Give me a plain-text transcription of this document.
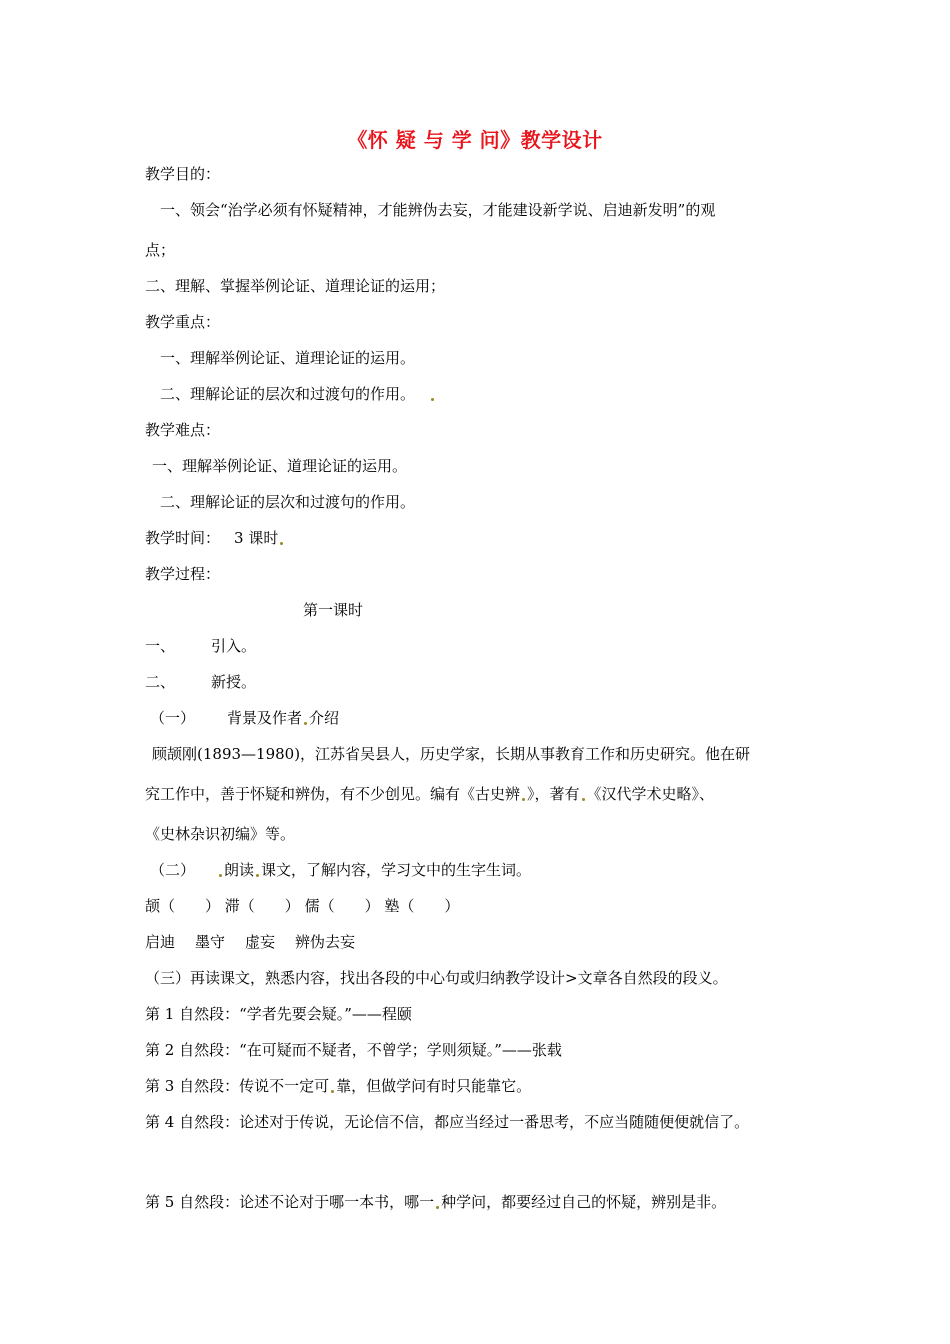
《怀 疑 与 学 问》教学设计
教学目的：
一、领会“治学必须有怀疑精神，才能辨伪去妄，才能建设新学说、启迪新发明”的观
点；
二、理解、掌握举例论证、道理论证的运用；
教学重点：
一、理解举例论证、道理论证的运用。
二、理解论证的层次和过渡句的作用。
教学难点：
一、理解举例论证、道理论证的运用。
二、理解论证的层次和过渡句的作用。
教学时间： 3 课时
教学过程：
第一课时
一、 引入。
二、 新授。
（一） 背景及作者 介绍
顾颉刚(1893—1980)，江苏省吴县人，历史学家，长期从事教育工作和历史研究。他在研
究工作中，善于怀疑和辨伪，有不少创见。编有《古史辨 》，著有 《汉代学术史略》、
《史林杂识初编》等。
（二） 朗读 课文，了解内容，学习文中的生字生词。
颉（　　） 滞（　　） 儒（　　） 塾（　　）
启迪 墨守 虚妄 辨伪去妄
（三）再读课文，熟悉内容，找出各段的中心句或归纳教学设计>文章各自然段的段义。
第 1 自然段：“学者先要会疑。”——程颐
第 2 自然段：“在可疑而不疑者，不曾学；学则须疑。”——张载
第 3 自然段：传说不一定可 靠，但做学问有时只能靠它。
第 4 自然段：论述对于传说，无论信不信，都应当经过一番思考，不应当随随便便就信了。
第 5 自然段：论述不论对于哪一本书，哪一 种学问，都要经过自己的怀疑，辨别是非。
